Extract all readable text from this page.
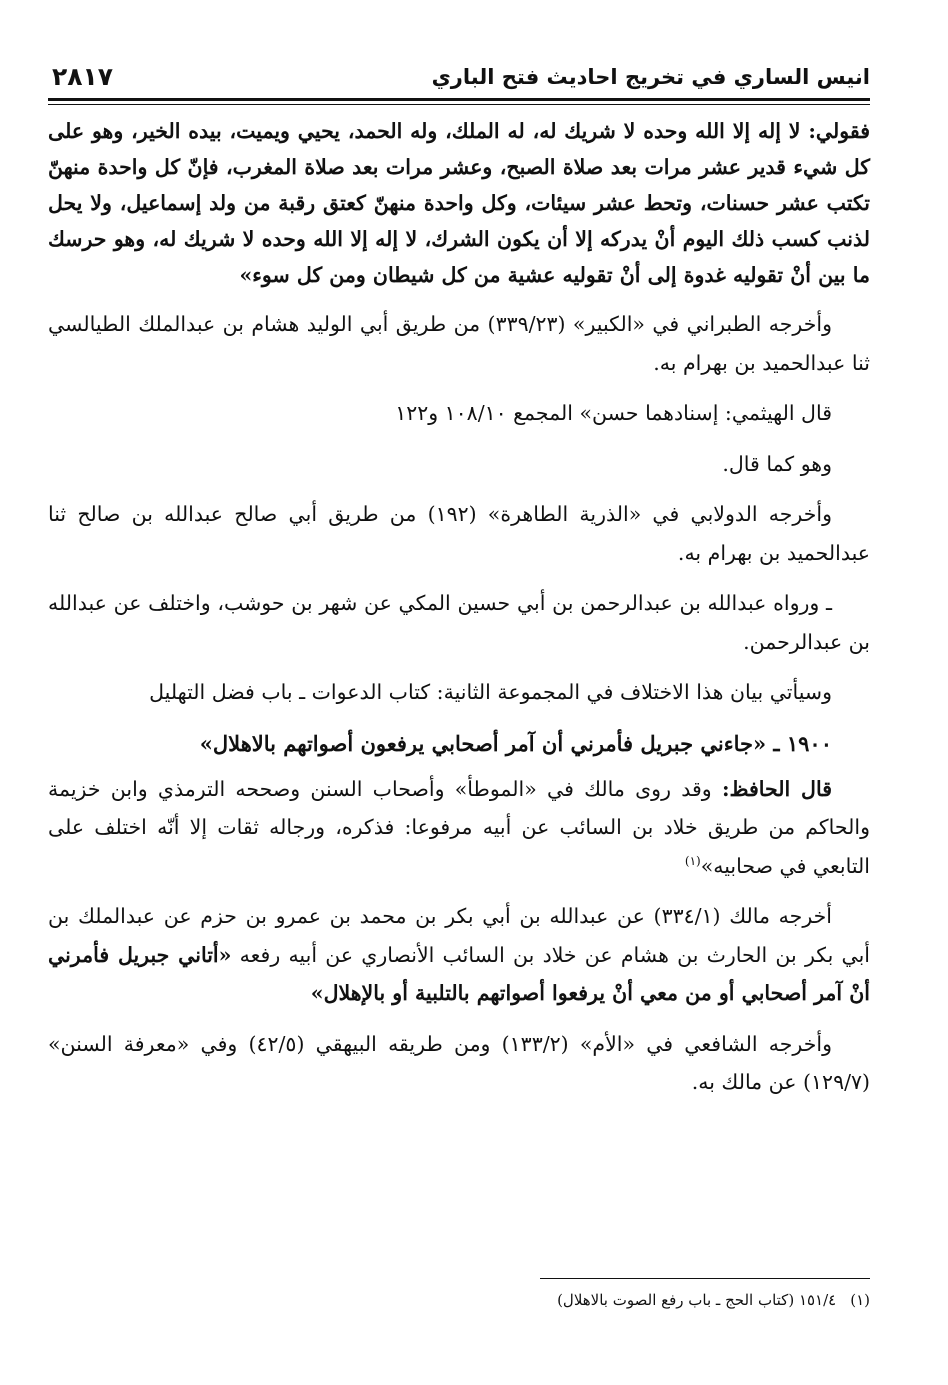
انيس الساري في تخريج احاديث فتح الباري
٢٨١٧

فقولي: لا إله إلا الله وحده لا شريك له، له الملك، وله الحمد، يحيي ويميت، بيده الخير، وهو على كل شيء قدير عشر مرات بعد صلاة الصبح، وعشر مرات بعد صلاة المغرب، فإنّ كل واحدة منهنّ تكتب عشر حسنات، وتحط عشر سيئات، وكل واحدة منهنّ كعتق رقبة من ولد إسماعيل، ولا يحل لذنب كسب ذلك اليوم أنْ يدركه إلا أن يكون الشرك، لا إله إلا الله وحده لا شريك له، وهو حرسك ما بين أنْ تقوليه غدوة إلى أنْ تقوليه عشية من كل شيطان ومن كل سوء»

وأخرجه الطبراني في «الكبير» (٣٣٩/٢٣) من طريق أبي الوليد هشام بن عبدالملك الطيالسي ثنا عبدالحميد بن بهرام به.

قال الهيثمي: إسنادهما حسن» المجمع ١٠٨/١٠ و١٢٢

وهو كما قال.

وأخرجه الدولابي في «الذرية الطاهرة» (١٩٢) من طريق أبي صالح عبدالله بن صالح ثنا عبدالحميد بن بهرام به.

ـ ورواه عبدالله بن عبدالرحمن بن أبي حسين المكي عن شهر بن حوشب، واختلف عن عبدالله بن عبدالرحمن.

وسيأتي بيان هذا الاختلاف في المجموعة الثانية: كتاب الدعوات ـ باب فضل التهليل

١٩٠٠ ـ «جاءني جبريل فأمرني أن آمر أصحابي يرفعون أصواتهم بالاهلال»

قال الحافظ: وقد روى مالك في «الموطأ» وأصحاب السنن وصححه الترمذي وابن خزيمة والحاكم من طريق خلاد بن السائب عن أبيه مرفوعا: فذكره، ورجاله ثقات إلا أنّه اختلف على التابعي في صحابيه»$^{(١)}$

أخرجه مالك (٣٣٤/١) عن عبدالله بن أبي بكر بن محمد بن عمرو بن حزم عن عبدالملك بن أبي بكر بن الحارث بن هشام عن خلاد بن السائب الأنصاري عن أبيه رفعه «أتاني جبريل فأمرني أنْ آمر أصحابي أو من معي أنْ يرفعوا أصواتهم بالتلبية أو بالإهلال»

وأخرجه الشافعي في «الأم» (١٣٣/٢) ومن طريقه البيهقي (٤٢/٥) وفي «معرفة السنن» (١٢٩/٧) عن مالك به.

(١)١٥١/٤ (كتاب الحج ـ باب رفع الصوت بالاهلال)
